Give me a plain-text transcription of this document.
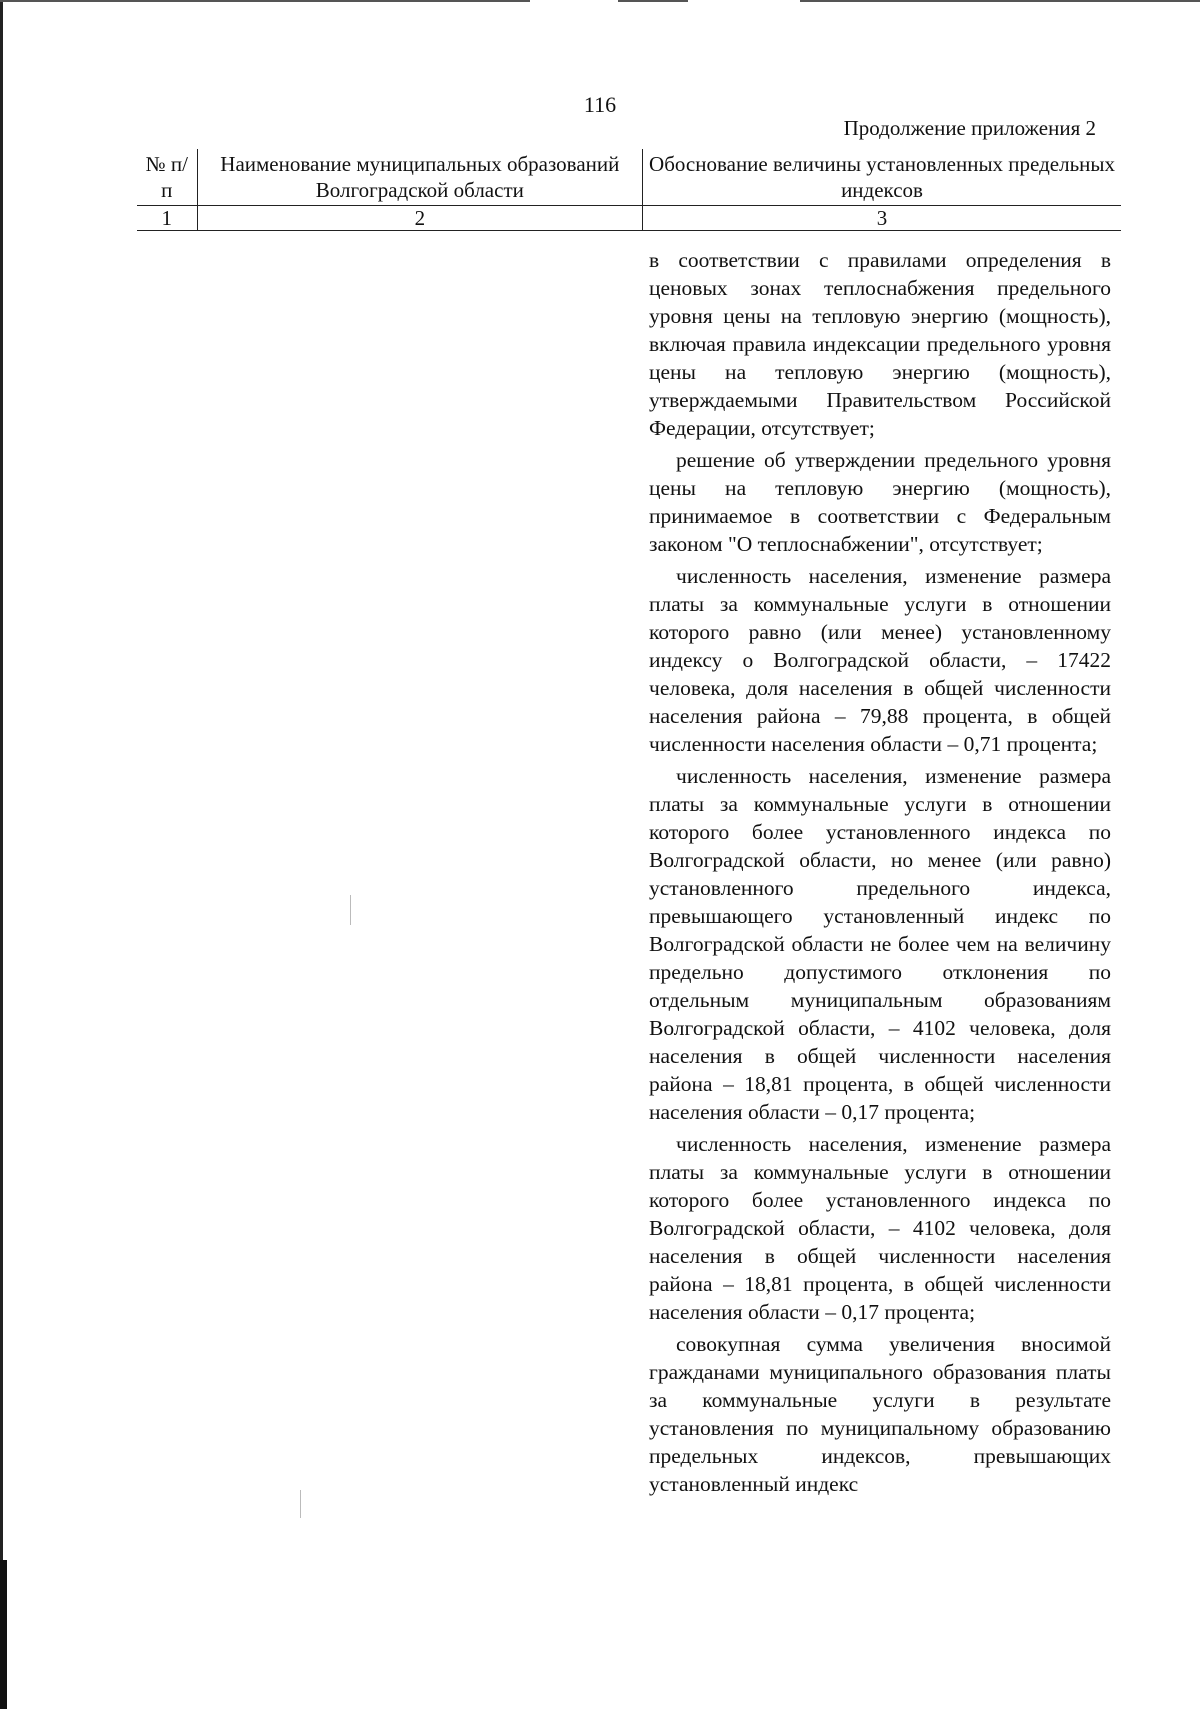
116
Продолжение приложения 2
№ п/п	Наименование муниципальных образований Волгоградской области	Обоснование величины установленных предельных индексов
1	2	3

в соответствии с правилами определения в ценовых зонах теплоснабжения предельного уровня цены на тепловую энергию (мощность), включая правила индексации предельного уровня цены на тепловую энергию (мощность), утверждаемыми Правительством Российской Федерации, отсутствует;

решение об утверждении предельного уровня цены на тепловую энергию (мощность), принимаемое в соответствии с Федеральным законом "О теплоснабжении", отсутствует;

численность населения, изменение размера платы за коммунальные услуги в отношении которого равно (или менее) установленному индексу о Волгоградской области, – 17422 человека, доля населения в общей численности населения района – 79,88 процента, в общей численности населения области – 0,71 процента;

численность населения, изменение размера платы за коммунальные услуги в отношении которого более установленного индекса по Волгоградской области, но менее (или равно) установленного предельного индекса, превышающего установленный индекс по Волгоградской области не более чем на величину предельно допустимого отклонения по отдельным муниципальным образованиям Волгоградской области, – 4102 человека, доля населения в общей численности населения района – 18,81 процента, в общей численности населения области – 0,17 процента;

численность населения, изменение размера платы за коммунальные услуги в отношении которого более установленного индекса по Волгоградской области, – 4102 человека, доля населения в общей численности населения района – 18,81 процента, в общей численности населения области – 0,17 процента;

совокупная сумма увеличения вносимой гражданами муниципального образования платы за коммунальные услуги в результате установления по муниципальному образованию предельных индексов, превышающих установленный индекс
